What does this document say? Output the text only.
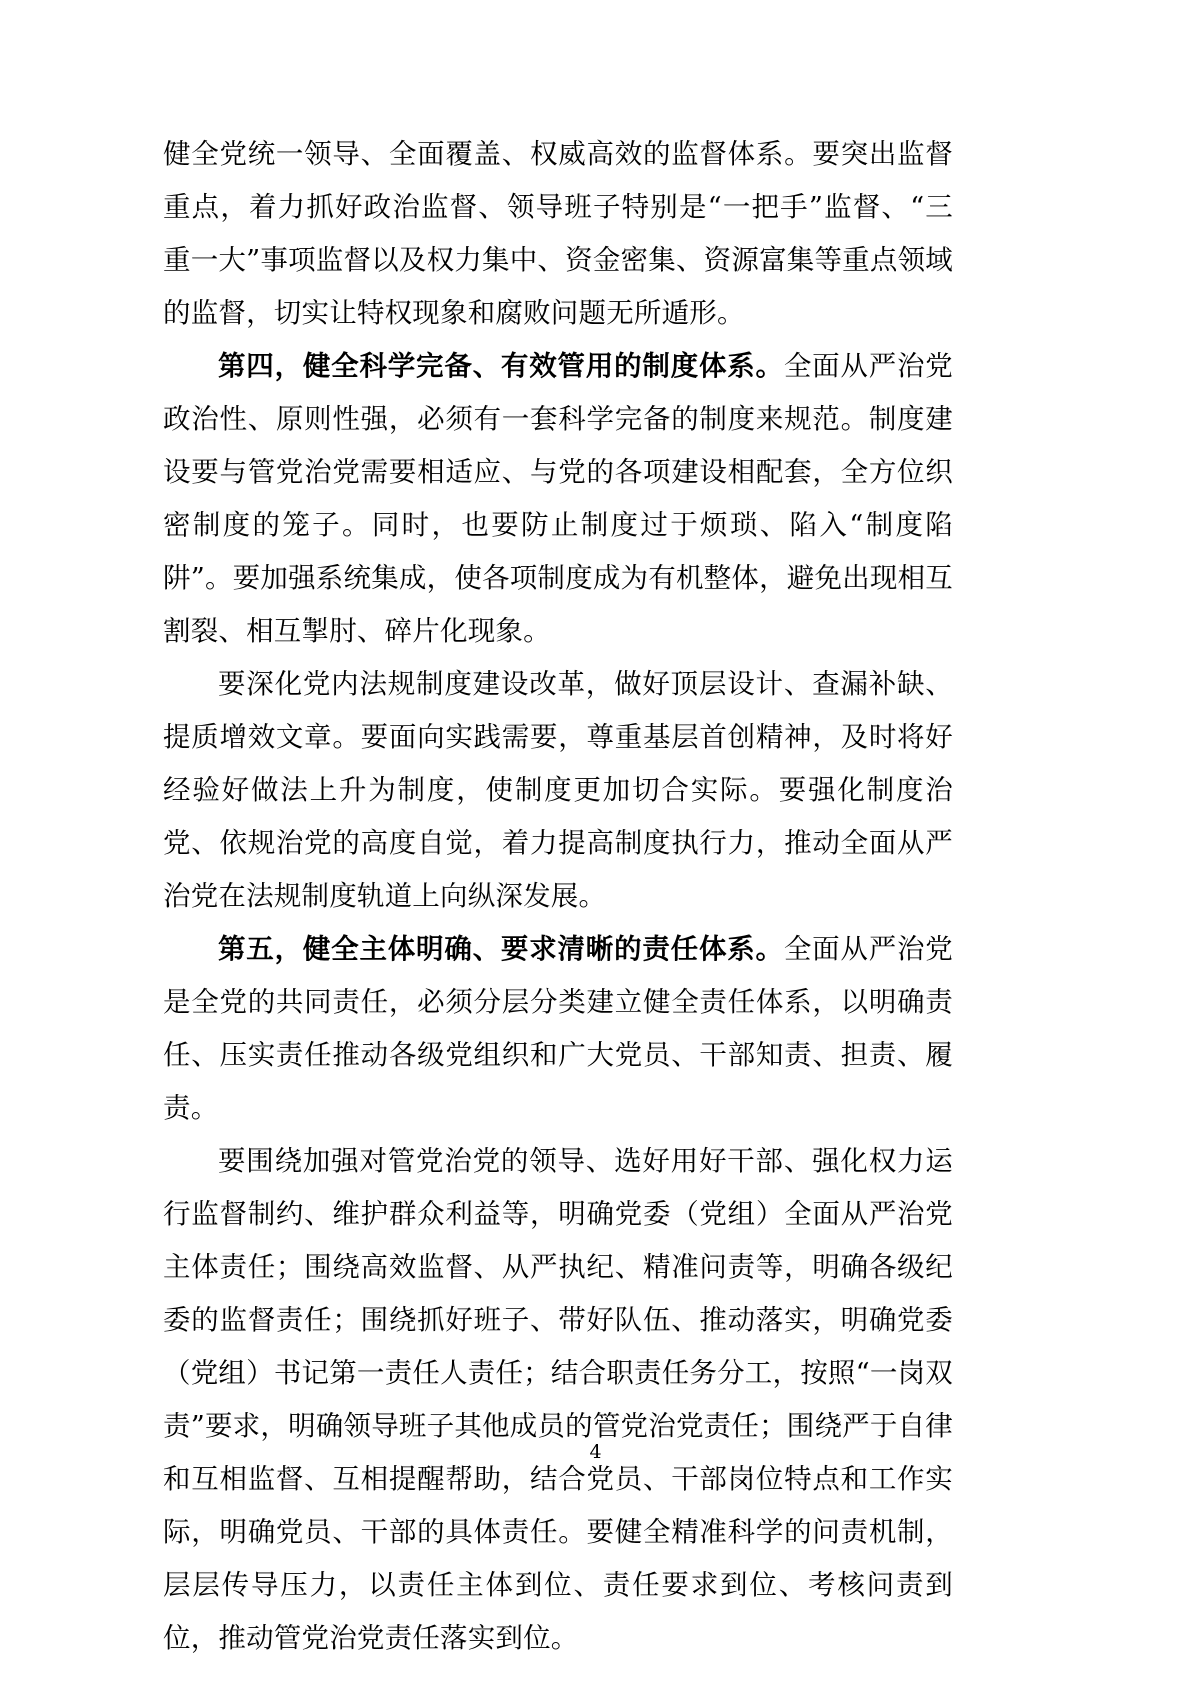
健全党统一领导、全面覆盖、权威高效的监督体系。要突出监督重点，着力抓好政治监督、领导班子特别是“一把手”监督、“三重一大”事项监督以及权力集中、资金密集、资源富集等重点领域的监督，切实让特权现象和腐败问题无所遁形。

第四，健全科学完备、有效管用的制度体系。全面从严治党政治性、原则性强，必须有一套科学完备的制度来规范。制度建设要与管党治党需要相适应、与党的各项建设相配套，全方位织密制度的笼子。同时，也要防止制度过于烦琐、陷入“制度陷阱”。要加强系统集成，使各项制度成为有机整体，避免出现相互割裂、相互掣肘、碎片化现象。

要深化党内法规制度建设改革，做好顶层设计、查漏补缺、提质增效文章。要面向实践需要，尊重基层首创精神，及时将好经验好做法上升为制度，使制度更加切合实际。要强化制度治党、依规治党的高度自觉，着力提高制度执行力，推动全面从严治党在法规制度轨道上向纵深发展。

第五，健全主体明确、要求清晰的责任体系。全面从严治党是全党的共同责任，必须分层分类建立健全责任体系，以明确责任、压实责任推动各级党组织和广大党员、干部知责、担责、履责。

要围绕加强对管党治党的领导、选好用好干部、强化权力运行监督制约、维护群众利益等，明确党委（党组）全面从严治党主体责任；围绕高效监督、从严执纪、精准问责等，明确各级纪委的监督责任；围绕抓好班子、带好队伍、推动落实，明确党委（党组）书记第一责任人责任；结合职责任务分工，按照“一岗双责”要求，明确领导班子其他成员的管党治党责任；围绕严于自律和互相监督、互相提醒帮助，结合党员、干部岗位特点和工作实际，明确党员、干部的具体责任。要健全精准科学的问责机制，层层传导压力，以责任主体到位、责任要求到位、考核问责到位，推动管党治党责任落实到位。

4
